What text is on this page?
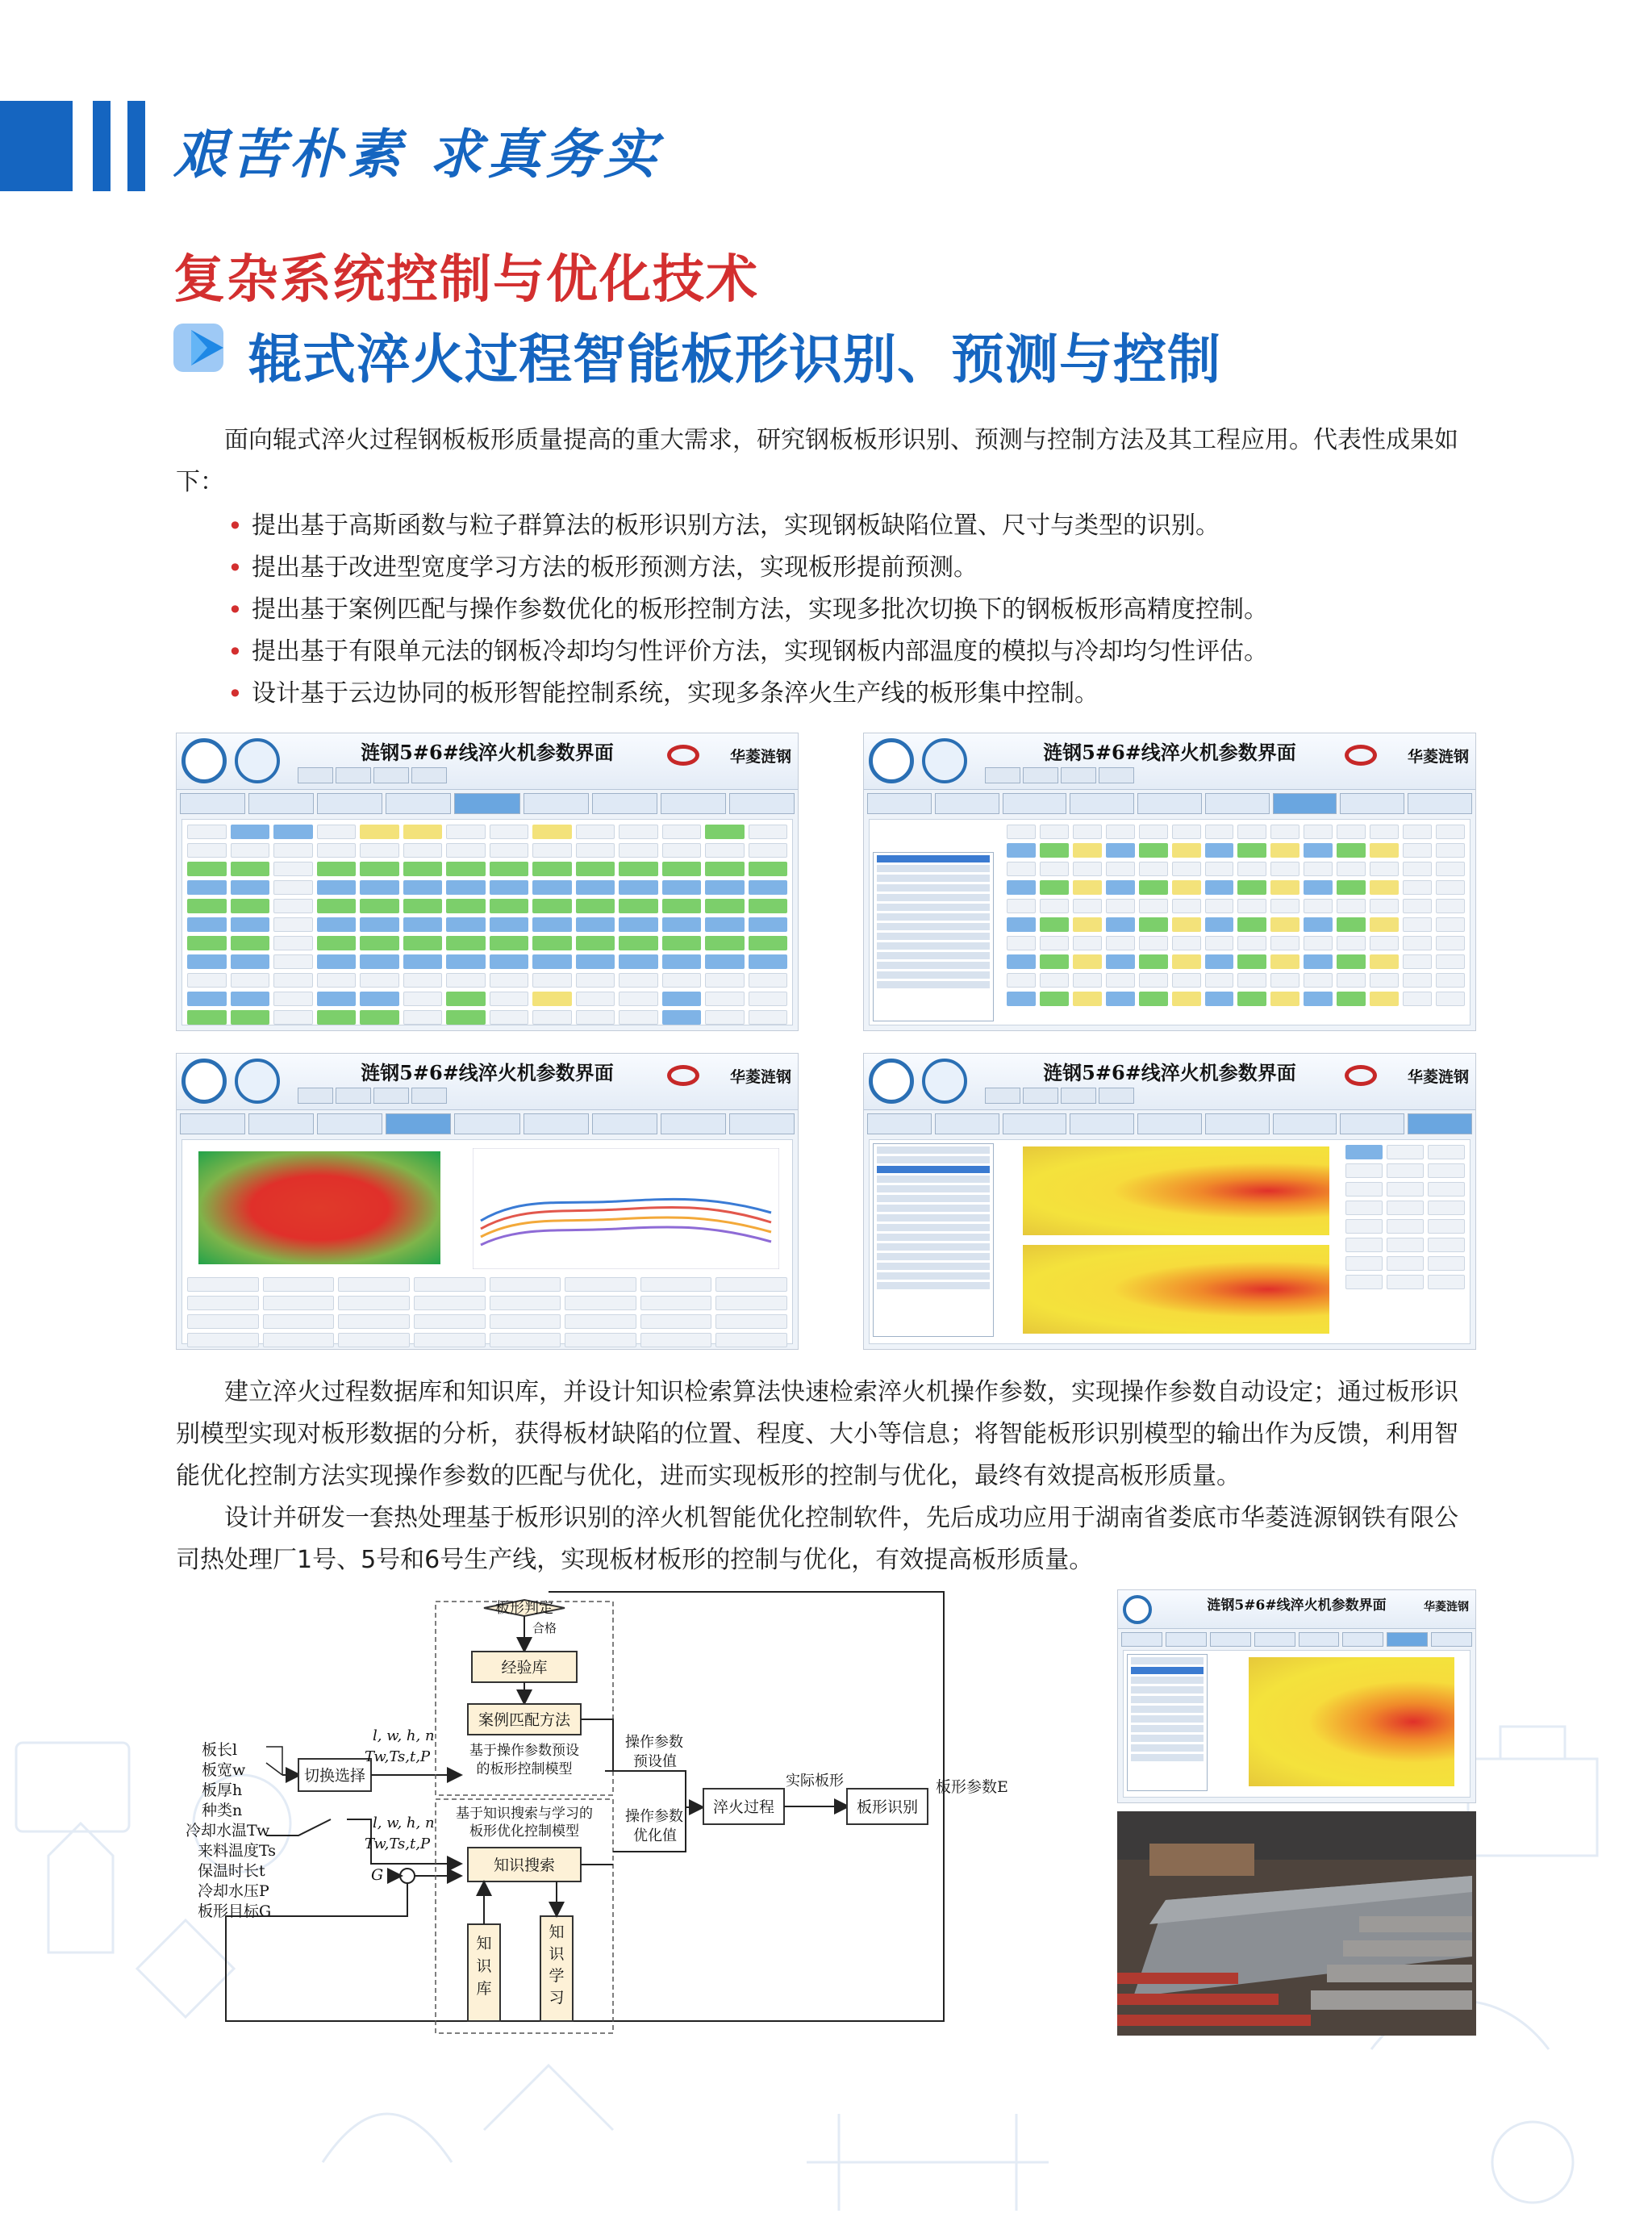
艰苦朴素 求真务实
复杂系统控制与优化技术
辊式淬火过程智能板形识别、预测与控制

面向辊式淬火过程钢板板形质量提高的重大需求，研究钢板板形识别、预测与控制方法及其工程应用。代表性成果如下：

• 提出基于高斯函数与粒子群算法的板形识别方法，实现钢板缺陷位置、尺寸与类型的识别。
• 提出基于改进型宽度学习方法的板形预测方法，实现板形提前预测。
• 提出基于案例匹配与操作参数优化的板形控制方法，实现多批次切换下的钢板板形高精度控制。
• 提出基于有限单元法的钢板冷却均匀性评价方法，实现钢板内部温度的模拟与冷却均匀性评估。
• 设计基于云边协同的板形智能控制系统，实现多条淬火生产线的板形集中控制。
涟钢5#6#线淬火机参数界面	华菱涟钢	涟钢5#6#线淬火机参数界面	华菱涟钢
涟钢5#6#线淬火机参数界面	华菱涟钢	涟钢5#6#线淬火机参数界面	华菱涟钢

建立淬火过程数据库和知识库，并设计知识检索算法快速检索淬火机操作参数，实现操作参数自动设定；通过板形识别模型实现对板形数据的分析，获得板材缺陷的位置、程度、大小等信息；将智能板形识别模型的输出作为反馈，利用智能优化控制方法实现操作参数的匹配与优化，进而实现板形的控制与优化，最终有效提高板形质量。

设计并研发一套热处理基于板形识别的淬火机智能优化控制软件，先后成功应用于湖南省娄底市华菱涟源钢铁有限公司热处理厂1号、5号和6号生产线，实现板材板形的控制与优化，有效提高板形质量。

板长l
板宽w
板厚h
种类n
冷却水温Tw
来料温度Ts
保温时长t
冷却水压P
板形目标G
切换选择
l, w, h, n
Tw,Ts,t,P
l, w, h, n
Tw,Ts,t,P
G
板形判定
合格
经验库
案例匹配方法
基于操作参数预设
的板形控制模型
基于知识搜索与学习的
板形优化控制模型
知识搜索
知
识
库
知
识
学
习
操作参数
预设值
操作参数
优化值
淬火过程
实际板形
板形识别
板形参数E
涟钢5#6#线淬火机参数界面	华菱涟钢
